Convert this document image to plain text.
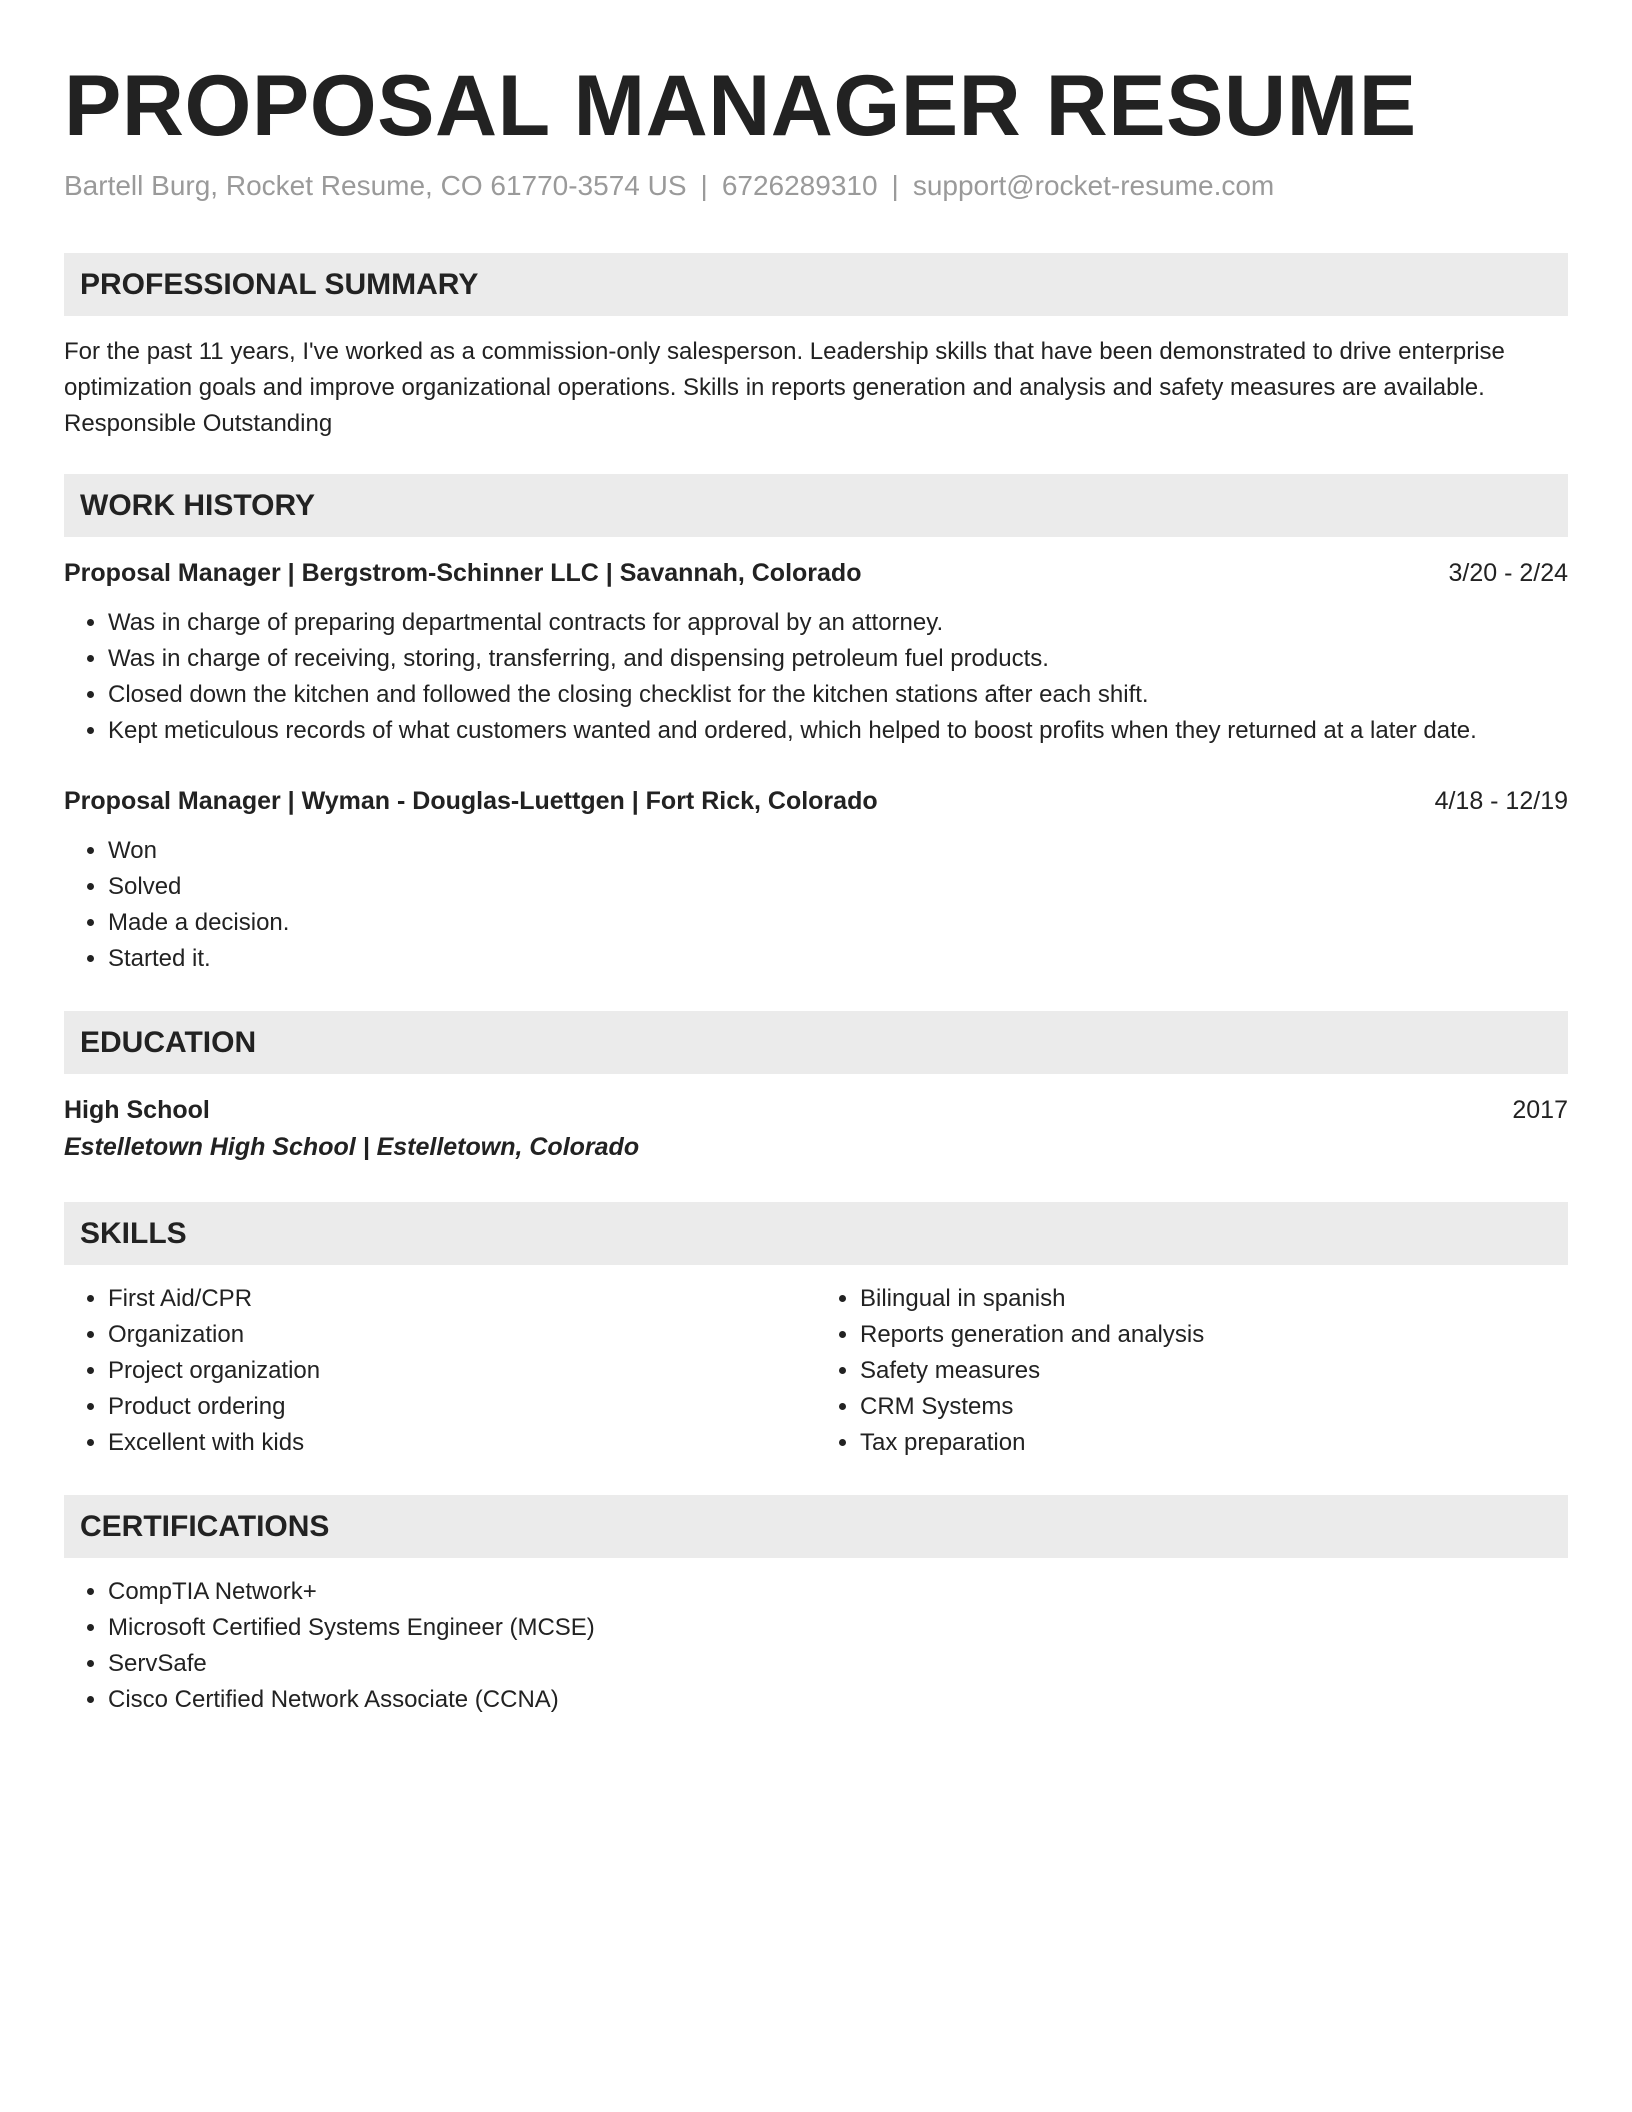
PROPOSAL MANAGER RESUME
Bartell Burg, Rocket Resume, CO 61770-3574 US | 6726289310 | support@rocket-resume.com
PROFESSIONAL SUMMARY
For the past 11 years, I've worked as a commission-only salesperson. Leadership skills that have been demonstrated to drive enterprise optimization goals and improve organizational operations. Skills in reports generation and analysis and safety measures are available. Responsible Outstanding
WORK HISTORY
Proposal Manager | Bergstrom-Schinner LLC | Savannah, Colorado	3/20 - 2/24
• Was in charge of preparing departmental contracts for approval by an attorney.
• Was in charge of receiving, storing, transferring, and dispensing petroleum fuel products.
• Closed down the kitchen and followed the closing checklist for the kitchen stations after each shift.
• Kept meticulous records of what customers wanted and ordered, which helped to boost profits when they returned at a later date.
Proposal Manager | Wyman - Douglas-Luettgen | Fort Rick, Colorado	4/18 - 12/19
• Won
• Solved
• Made a decision.
• Started it.
EDUCATION
High School	2017
Estelletown High School | Estelletown, Colorado
SKILLS
• First Aid/CPR
• Organization
• Project organization
• Product ordering
• Excellent with kids
• Bilingual in spanish
• Reports generation and analysis
• Safety measures
• CRM Systems
• Tax preparation
CERTIFICATIONS
• CompTIA Network+
• Microsoft Certified Systems Engineer (MCSE)
• ServSafe
• Cisco Certified Network Associate (CCNA)
